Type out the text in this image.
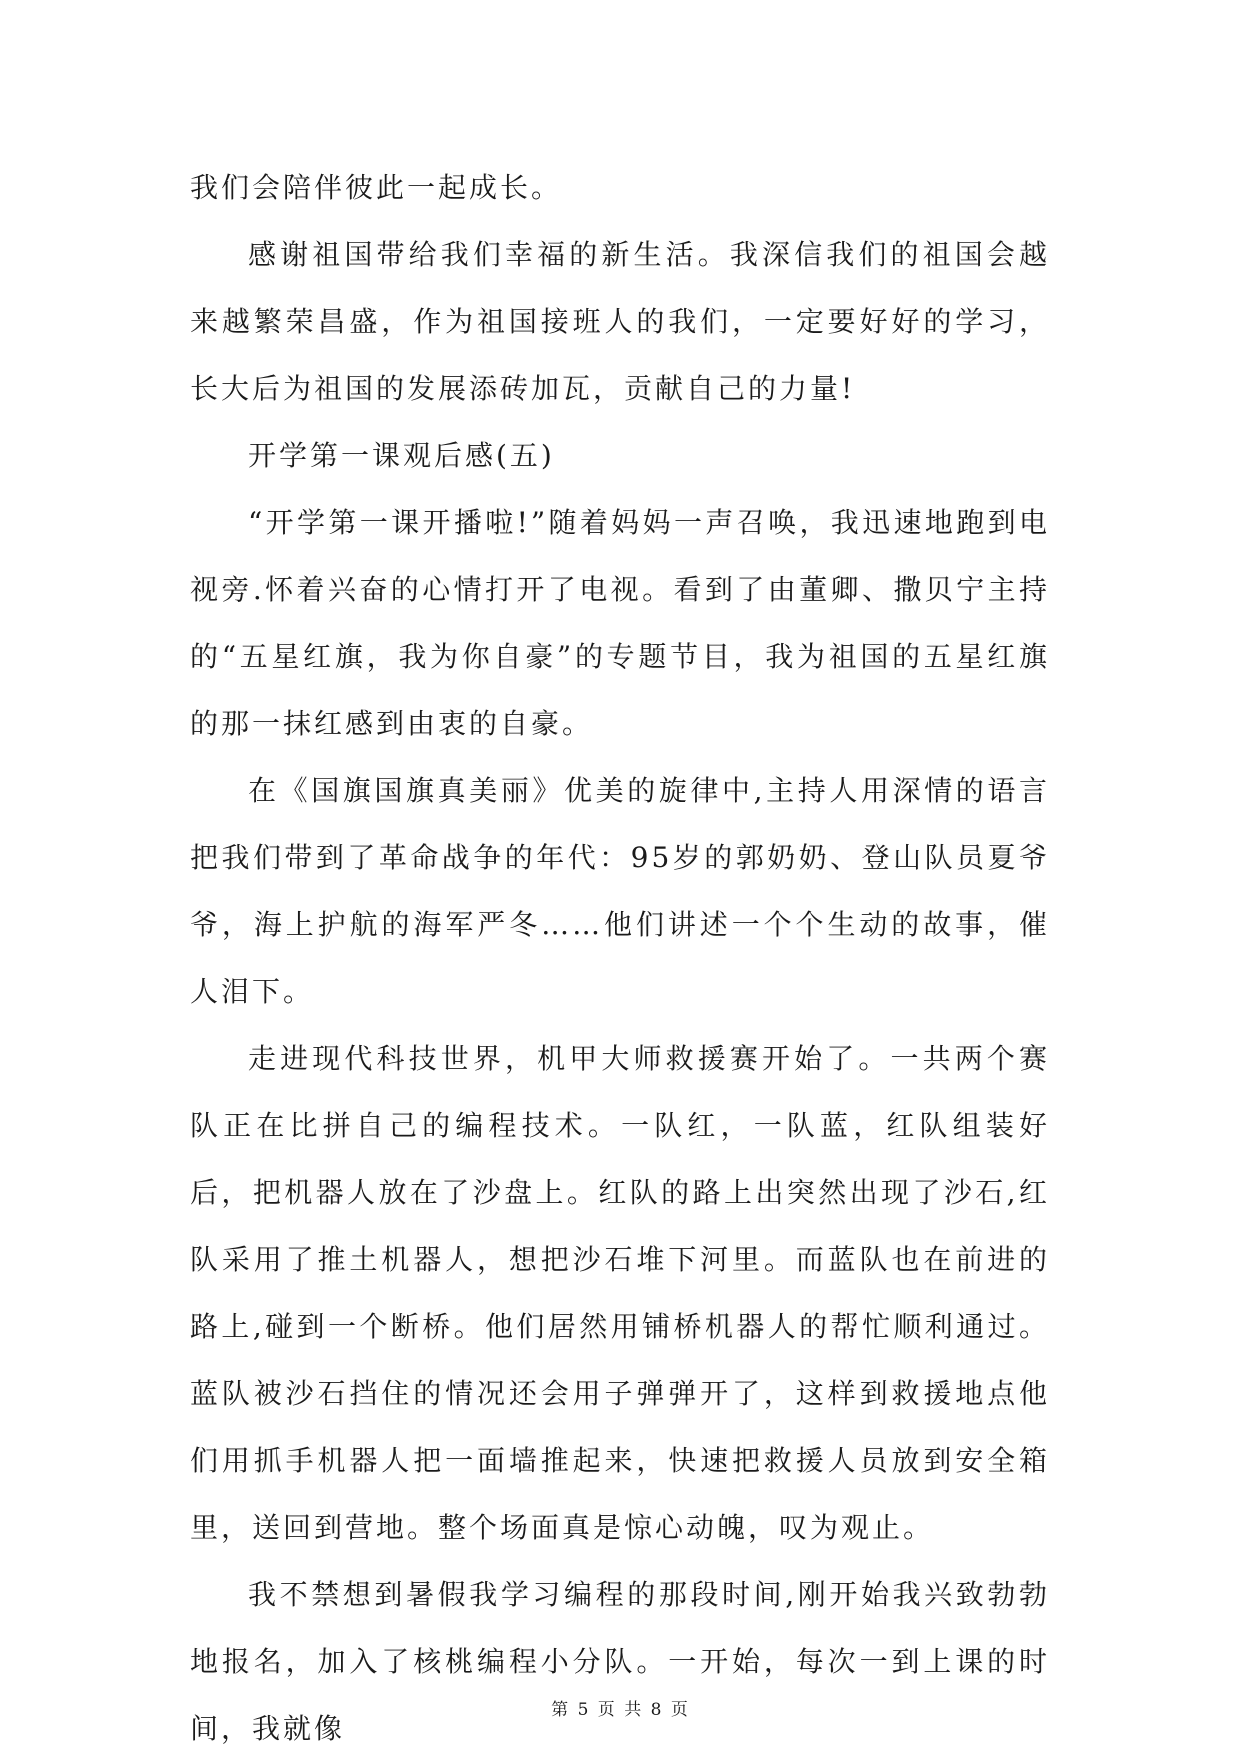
我们会陪伴彼此一起成长。

感谢祖国带给我们幸福的新生活。我深信我们的祖国会越来越繁荣昌盛，作为祖国接班人的我们，一定要好好的学习，长大后为祖国的发展添砖加瓦，贡献自己的力量!

开学第一课观后感(五)

“开学第一课开播啦!”随着妈妈一声召唤，我迅速地跑到电视旁.怀着兴奋的心情打开了电视。看到了由董卿、撒贝宁主持的“五星红旗，我为你自豪”的专题节目，我为祖国的五星红旗的那一抹红感到由衷的自豪。

在《国旗国旗真美丽》优美的旋律中,主持人用深情的语言把我们带到了革命战争的年代：95岁的郭奶奶、登山队员夏爷爷，海上护航的海军严冬……他们讲述一个个生动的故事，催人泪下。

走进现代科技世界，机甲大师救援赛开始了。一共两个赛队正在比拼自己的编程技术。一队红，一队蓝，红队组装好后，把机器人放在了沙盘上。红队的路上出突然出现了沙石,红队采用了推土机器人，想把沙石堆下河里。而蓝队也在前进的路上,碰到一个断桥。他们居然用铺桥机器人的帮忙顺利通过。蓝队被沙石挡住的情况还会用子弹弹开了，这样到救援地点他们用抓手机器人把一面墙推起来，快速把救援人员放到安全箱里，送回到营地。整个场面真是惊心动魄，叹为观止。

我不禁想到暑假我学习编程的那段时间,刚开始我兴致勃勃地报名，加入了核桃编程小分队。一开始，每次一到上课的时间，我就像

第 5 页 共 8 页
